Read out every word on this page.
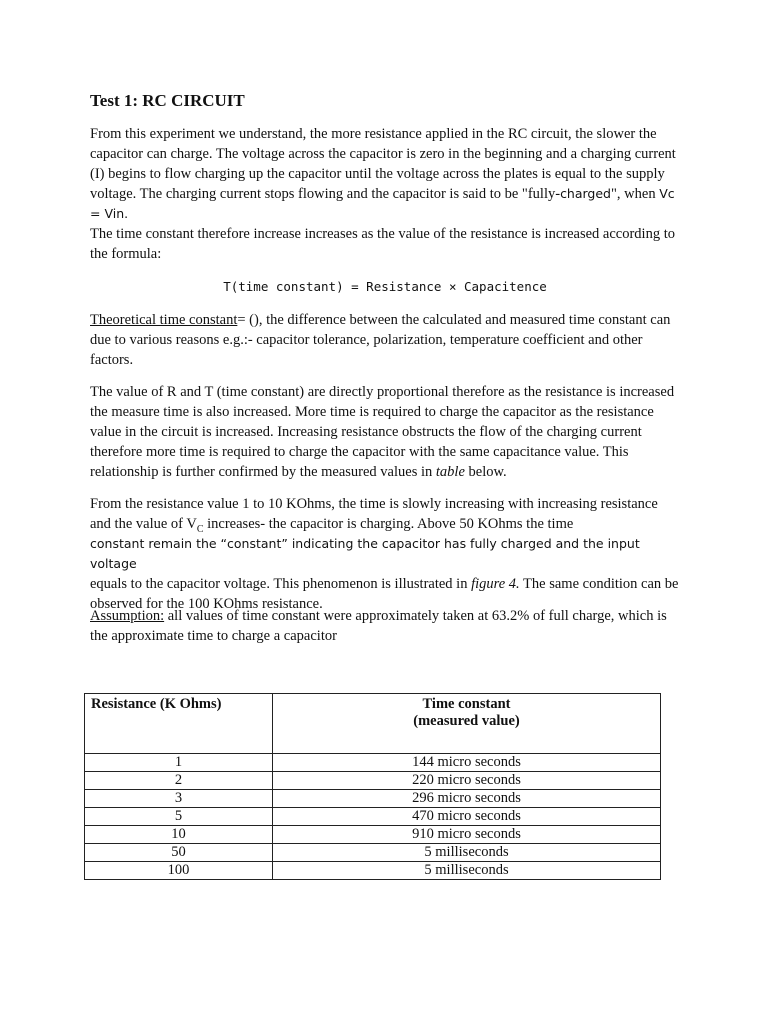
Test 1: RC CIRCUIT
From this experiment we understand, the more resistance applied in the RC circuit, the slower the capacitor can charge. The voltage across the capacitor is zero in the beginning and a charging current (I) begins to flow charging up the capacitor until the voltage across the plates is equal to the supply voltage. The charging current stops flowing and the capacitor is said to be "fully-charged", when Vc = Vin.
The time constant therefore increase increases as the value of the resistance is increased according to the formula:
T(time constant) = Resistance × Capacitence
Theoretical time constant= (), the difference between the calculated and measured time constant can due to various reasons e.g.:- capacitor tolerance, polarization, temperature coefficient and other factors.
The value of R and T (time constant) are directly proportional therefore as the resistance is increased the measure time is also increased. More time is required to charge the capacitor as the resistance value in the circuit is increased. Increasing resistance obstructs the flow of the charging current therefore more time is required to charge the capacitor with the same capacitance value. This relationship is further confirmed by the measured values in table below.
From the resistance value 1 to 10 KOhms, the time is slowly increasing with increasing resistance and the value of $V_C$ increases- the capacitor is charging. Above 50 KOhms the time
constant remain the “constant” indicating the capacitor has fully charged and the input voltage
equals to the capacitor voltage. This phenomenon is illustrated in figure 4. The same condition can be observed for the 100 KOhms resistance.
Assumption: all values of time constant were approximately taken at 63.2% of full charge, which is the approximate time to charge a capacitor
Resistance (K Ohms)	Time constant
(measured value)

1	144 micro seconds
2	220 micro seconds
3	296 micro seconds
5	470 micro seconds
10	910 micro seconds
50	5 milliseconds
100	5 milliseconds
